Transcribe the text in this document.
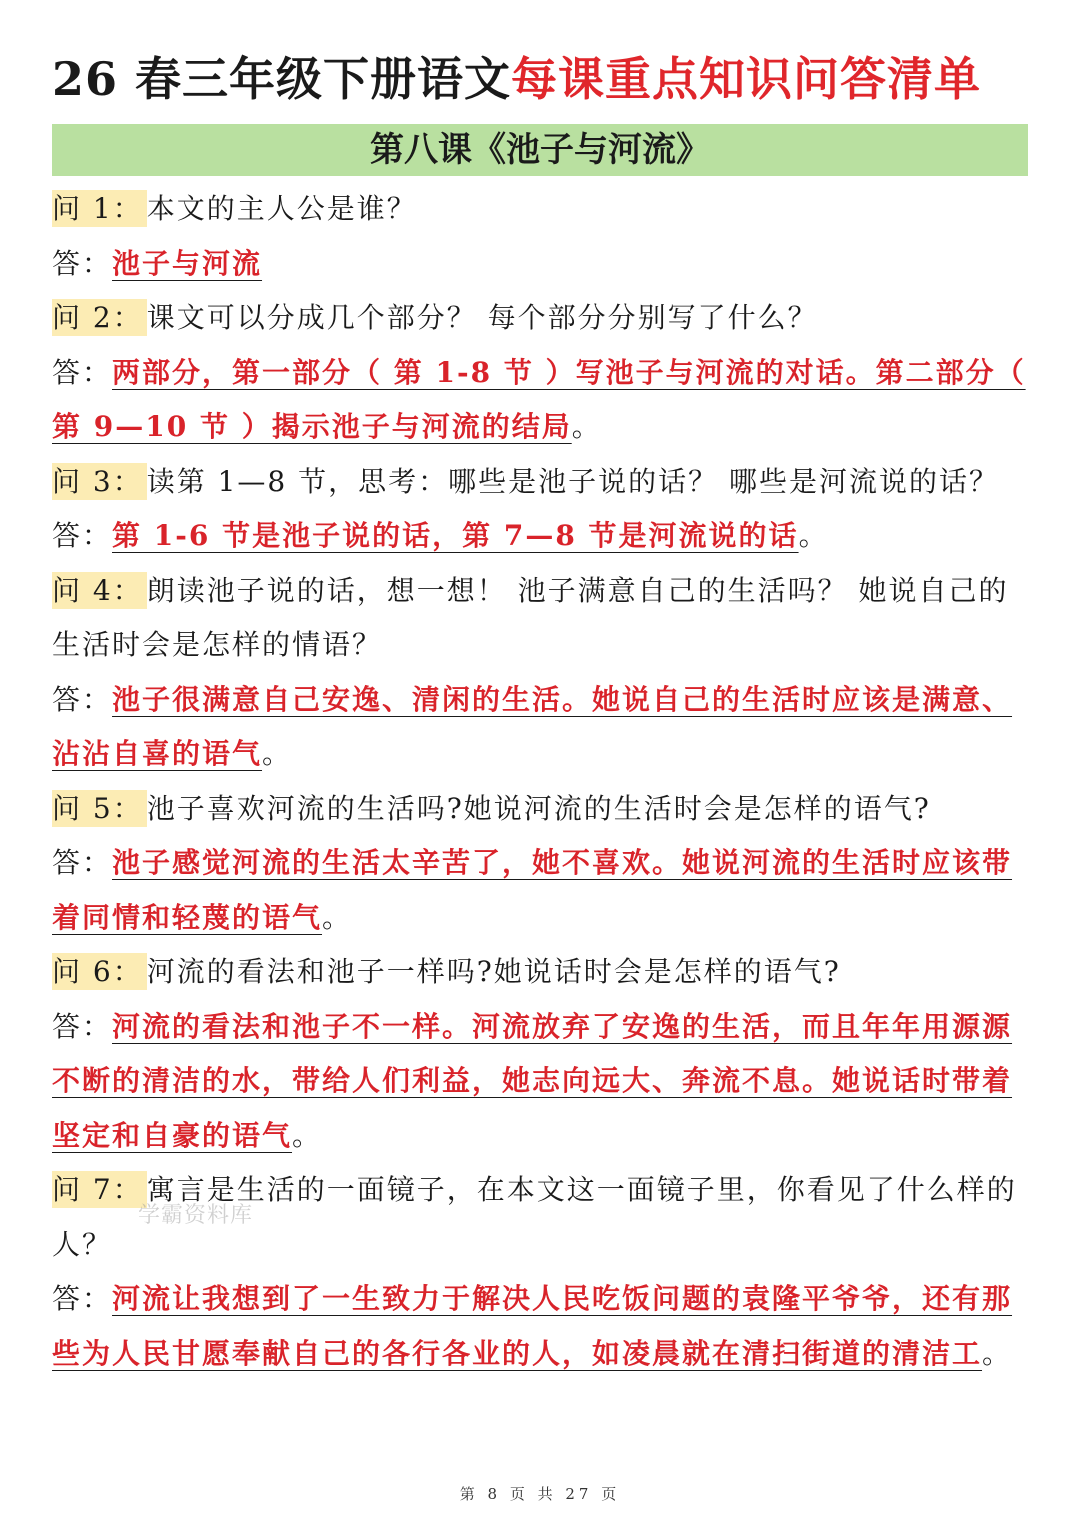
26 春三年级下册语文每课重点知识问答清单
第八课《池子与河流》
问 1： 本文的主人公是谁？
答：池子与河流
问 2： 课文可以分成几个部分？ 每个部分分别写了什么？
答：两部分，第一部分（ 第 1-8 节 ）写池子与河流的对话。第二部分（ 第 9—10 节 ）揭示池子与河流的结局。
问 3： 读第 1—8 节，思考：哪些是池子说的话？ 哪些是河流说的话？
答：第 1-6 节是池子说的话，第 7—8 节是河流说的话。
问 4： 朗读池子说的话，想一想！ 池子满意自己的生活吗？ 她说自己的生活时会是怎样的情语？
答：池子很满意自己安逸、清闲的生活。她说自己的生活时应该是满意、沾沾自喜的语气。
问 5： 池子喜欢河流的生活吗?她说河流的生活时会是怎样的语气?
答：池子感觉河流的生活太辛苦了，她不喜欢。她说河流的生活时应该带着同情和轻蔑的语气。
问 6： 河流的看法和池子一样吗?她说话时会是怎样的语气?
答：河流的看法和池子不一样。河流放弃了安逸的生活，而且年年用源源不断的清洁的水，带给人们利益，她志向远大、奔流不息。她说话时带着坚定和自豪的语气。
问 7： 寓言是生活的一面镜子，在本文这一面镜子里，你看见了什么样的人？
答：河流让我想到了一生致力于解决人民吃饭问题的袁隆平爷爷，还有那些为人民甘愿奉献自己的各行各业的人，如凌晨就在清扫街道的清洁工。
学霸资料库
第 8 页 共 27 页
